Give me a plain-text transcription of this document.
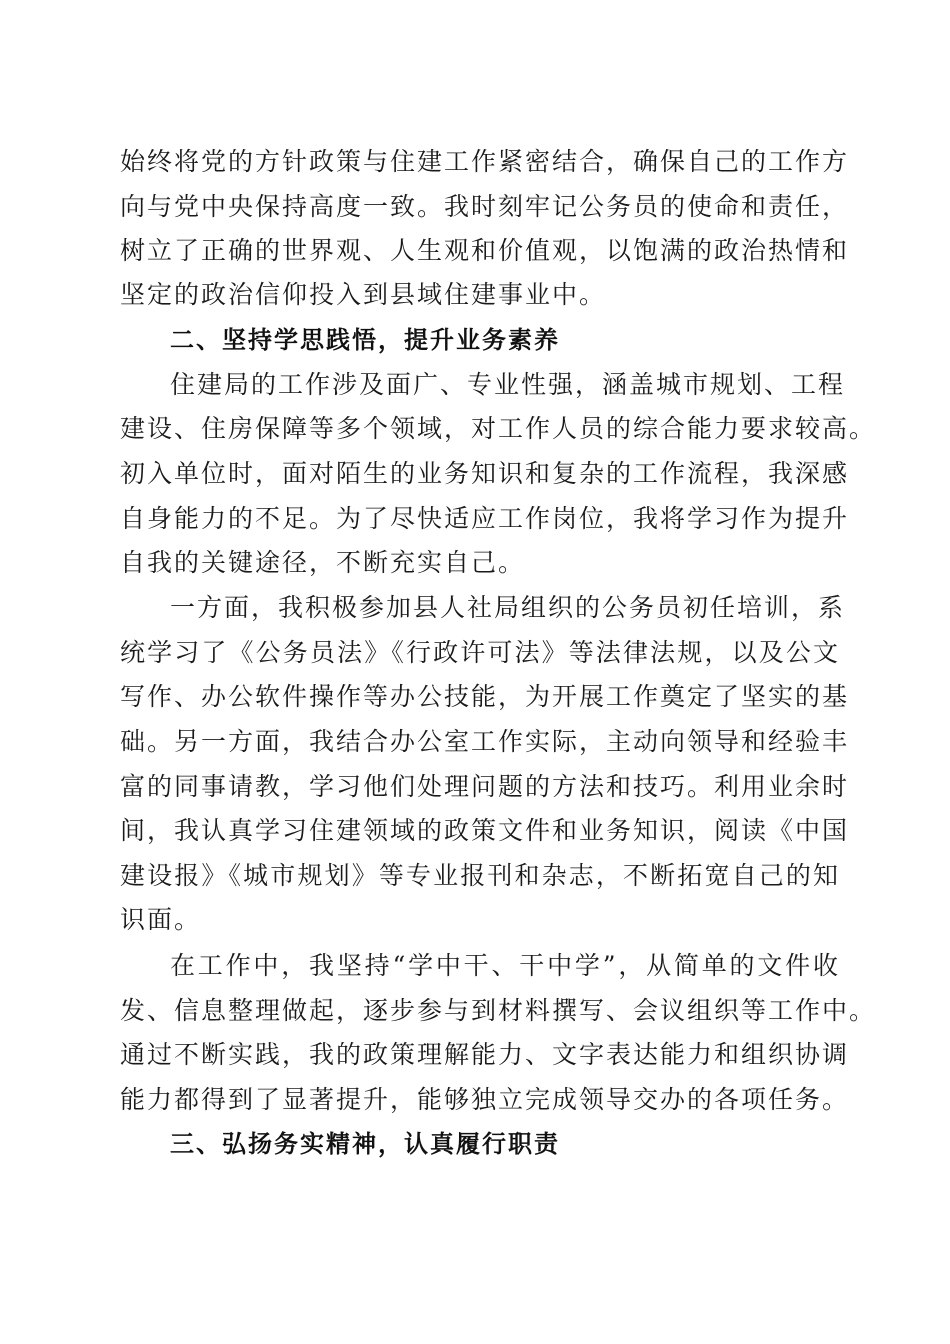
始终将党的方针政策与住建工作紧密结合，确保自己的工作方
向与党中央保持高度一致。我时刻牢记公务员的使命和责任，
树立了正确的世界观、人生观和价值观，以饱满的政治热情和
坚定的政治信仰投入到县域住建事业中。
二、坚持学思践悟，提升业务素养
住建局的工作涉及面广、专业性强，涵盖城市规划、工程
建设、住房保障等多个领域，对工作人员的综合能力要求较高。
初入单位时，面对陌生的业务知识和复杂的工作流程，我深感
自身能力的不足。为了尽快适应工作岗位，我将学习作为提升
自我的关键途径，不断充实自己。
一方面，我积极参加县人社局组织的公务员初任培训，系
统学习了《公务员法》《行政许可法》等法律法规，以及公文
写作、办公软件操作等办公技能，为开展工作奠定了坚实的基
础。另一方面，我结合办公室工作实际，主动向领导和经验丰
富的同事请教，学习他们处理问题的方法和技巧。利用业余时
间，我认真学习住建领域的政策文件和业务知识，阅读《中国
建设报》《城市规划》等专业报刊和杂志，不断拓宽自己的知
识面。
在工作中，我坚持“学中干、干中学”，从简单的文件收
发、信息整理做起，逐步参与到材料撰写、会议组织等工作中。
通过不断实践，我的政策理解能力、文字表达能力和组织协调
能力都得到了显著提升，能够独立完成领导交办的各项任务。
三、弘扬务实精神，认真履行职责
